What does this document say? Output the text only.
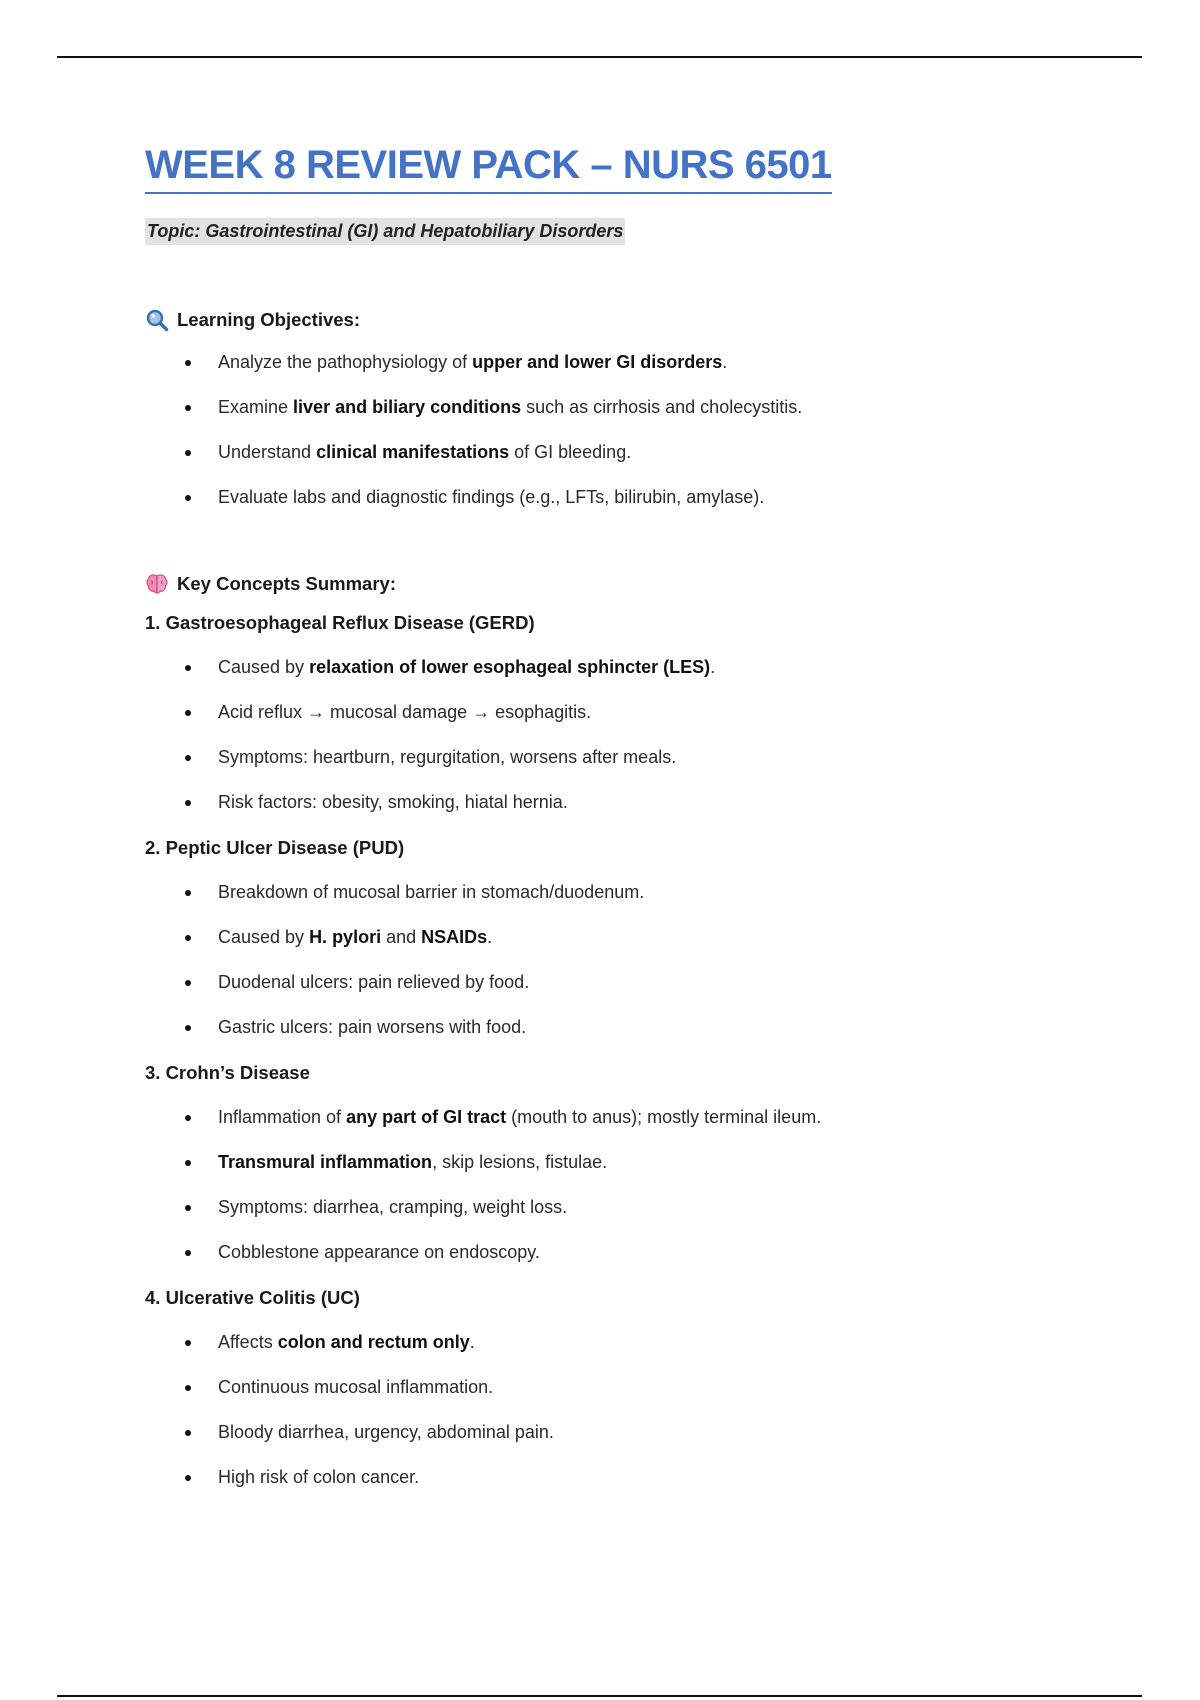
WEEK 8 REVIEW PACK – NURS 6501
Topic: Gastrointestinal (GI) and Hepatobiliary Disorders
Learning Objectives:
Analyze the pathophysiology of upper and lower GI disorders.
Examine liver and biliary conditions such as cirrhosis and cholecystitis.
Understand clinical manifestations of GI bleeding.
Evaluate labs and diagnostic findings (e.g., LFTs, bilirubin, amylase).
Key Concepts Summary:
1. Gastroesophageal Reflux Disease (GERD)
Caused by relaxation of lower esophageal sphincter (LES).
Acid reflux → mucosal damage → esophagitis.
Symptoms: heartburn, regurgitation, worsens after meals.
Risk factors: obesity, smoking, hiatal hernia.
2. Peptic Ulcer Disease (PUD)
Breakdown of mucosal barrier in stomach/duodenum.
Caused by H. pylori and NSAIDs.
Duodenal ulcers: pain relieved by food.
Gastric ulcers: pain worsens with food.
3. Crohn’s Disease
Inflammation of any part of GI tract (mouth to anus); mostly terminal ileum.
Transmural inflammation, skip lesions, fistulae.
Symptoms: diarrhea, cramping, weight loss.
Cobblestone appearance on endoscopy.
4. Ulcerative Colitis (UC)
Affects colon and rectum only.
Continuous mucosal inflammation.
Bloody diarrhea, urgency, abdominal pain.
High risk of colon cancer.
